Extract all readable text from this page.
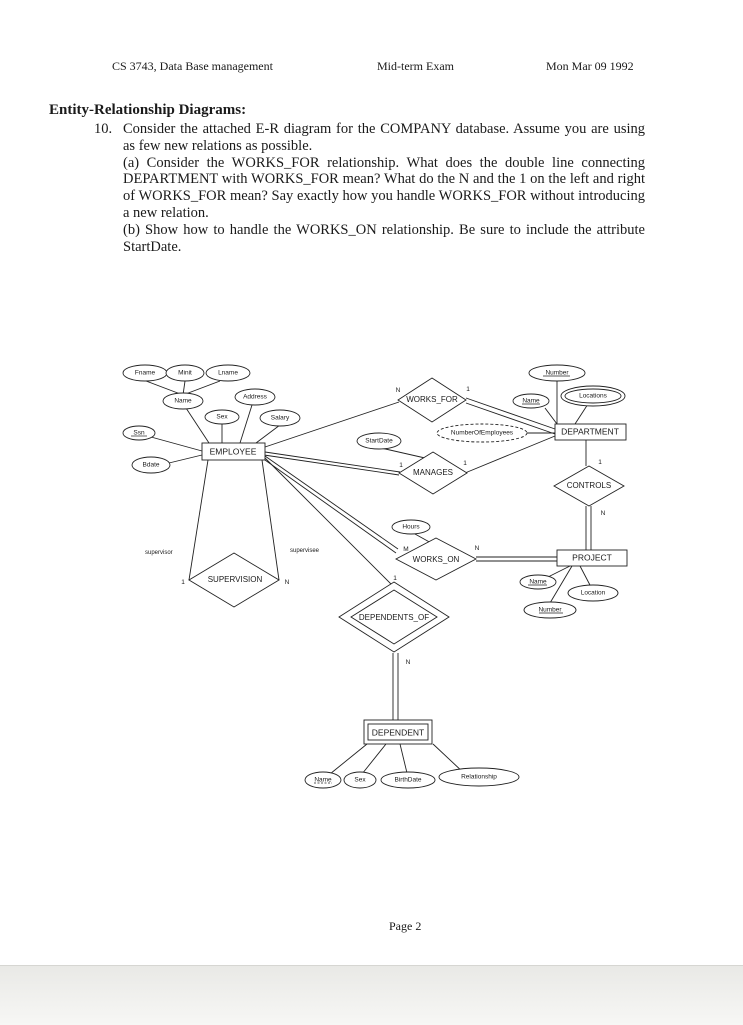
CS 3743, Data Base management	Mid-term Exam	Mon Mar 09 1992
Entity-Relationship Diagrams:
10. Consider the attached E-R diagram for the COMPANY database. Assume you are using as few new relations as possible.

(a) Consider the WORKS_FOR relationship. What does the double line connecting DEPARTMENT with WORKS_FOR mean? What do the N and the 1 on the left and right of WORKS_FOR mean? Say exactly how you handle WORKS_FOR without introducing a new relation.

(b) Show how to handle the WORKS_ON relationship. Be sure to include the attribute StartDate.

EMPLOYEE
DEPARTMENT
PROJECT
DEPENDENT
WORKS_FOR
MANAGES
CONTROLS
WORKS_ON
SUPERVISION
DEPENDENTS_OF
Fname	Minit	Lname
Name
Address
Sex	Salary
Ssn
Bdate
Number
Name
Locations
NumberOfEmployees
StartDate
Hours
Name
Location
Number
Name	Sex	BirthDate	Relationship
supervisor	supervisee
N	1
1	1	1
N
M	N
1	N
1
N
Page 2
